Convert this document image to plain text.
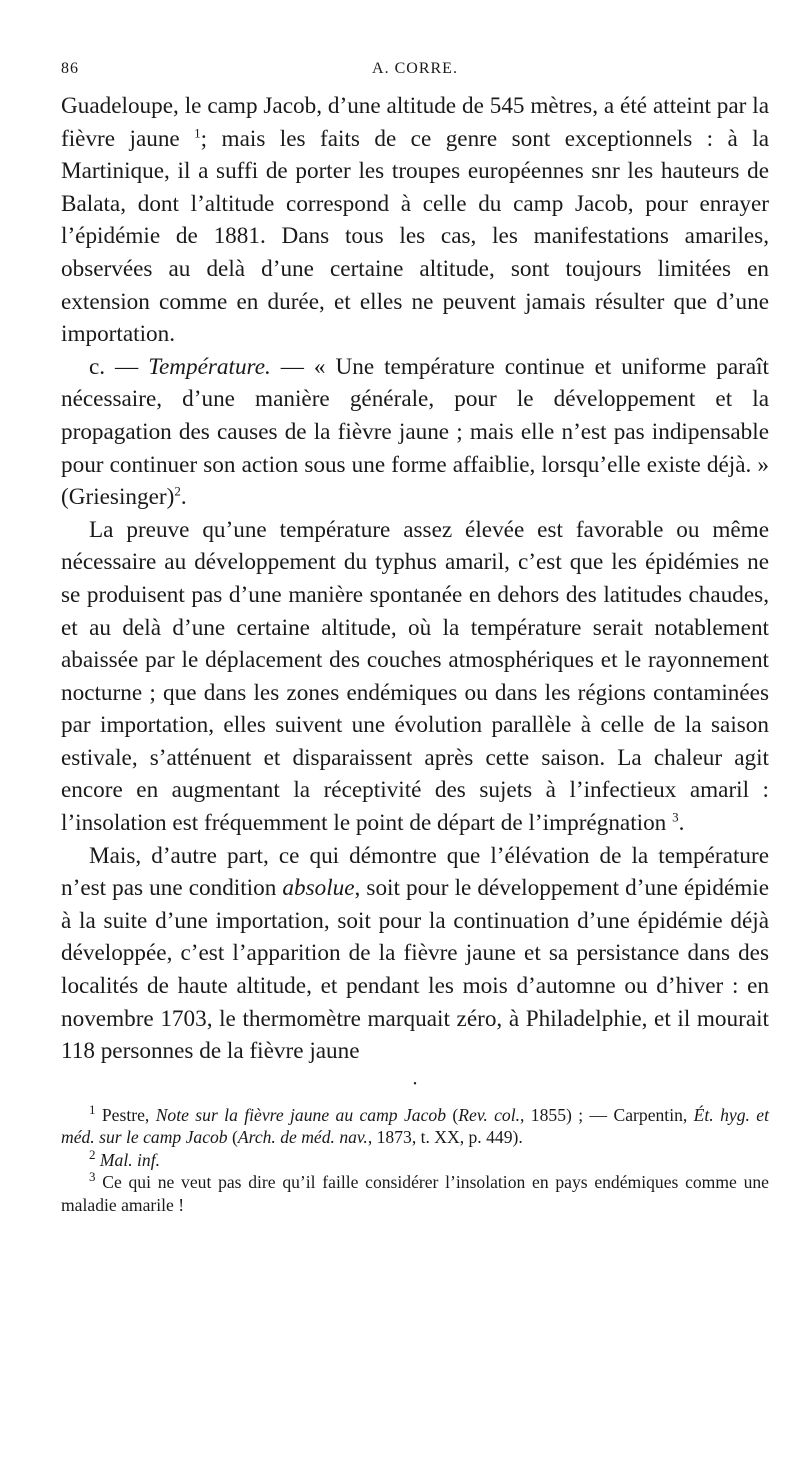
86	A. CORRE.

Guadeloupe, le camp Jacob, d’une altitude de 545 mètres, a été atteint par la fièvre jaune $^1$; mais les faits de ce genre sont exceptionnels : à la Martinique, il a suffi de porter les troupes européennes snr les hauteurs de Balata, dont l’altitude correspond à celle du camp Jacob, pour enrayer l’épidémie de 1881. Dans tous les cas, les manifestations amariles, observées au delà d’une certaine altitude, sont toujours limitées en extension comme en durée, et elles ne peuvent jamais résulter que d’une importation.

c. — Température. — « Une température continue et uniforme paraît nécessaire, d’une manière générale, pour le développement et la propagation des causes de la fièvre jaune ; mais elle n’est pas indipensable pour continuer son action sous une forme affaiblie, lorsqu’elle existe déjà. » (Griesinger)$^2$.

La preuve qu’une température assez élevée est favorable ou même nécessaire au développement du typhus amaril, c’est que les épidémies ne se produisent pas d’une manière spontanée en dehors des latitudes chaudes, et au delà d’une certaine altitude, où la température serait notablement abaissée par le déplacement des couches atmosphériques et le rayonnement nocturne ; que dans les zones endémiques ou dans les régions contaminées par importation, elles suivent une évolution parallèle à celle de la saison estivale, s’atténuent et disparaissent après cette saison. La chaleur agit encore en augmentant la réceptivité des sujets à l’infectieux amaril : l’insolation est fréquemment le point de départ de l’imprégnation $^3$.

Mais, d’autre part, ce qui démontre que l’élévation de la température n’est pas une condition absolue, soit pour le développement d’une épidémie à la suite d’une importation, soit pour la continuation d’une épidémie déjà développée, c’est l’apparition de la fièvre jaune et sa persistance dans des localités de haute altitude, et pendant les mois d’automne ou d’hiver : en novembre 1703, le thermomètre marquait zéro, à Philadelphie, et il mourait 118 personnes de la fièvre jaune

•

$^1$ Pestre, Note sur la fièvre jaune au camp Jacob (Rev. col., 1855) ; — Carpentin, Ét. hyg. et méd. sur le camp Jacob (Arch. de méd. nav., 1873, t. XX, p. 449).

$^2$ Mal. inf.

$^3$ Ce qui ne veut pas dire qu’il faille considérer l’insolation en pays endémiques comme une maladie amarile !
